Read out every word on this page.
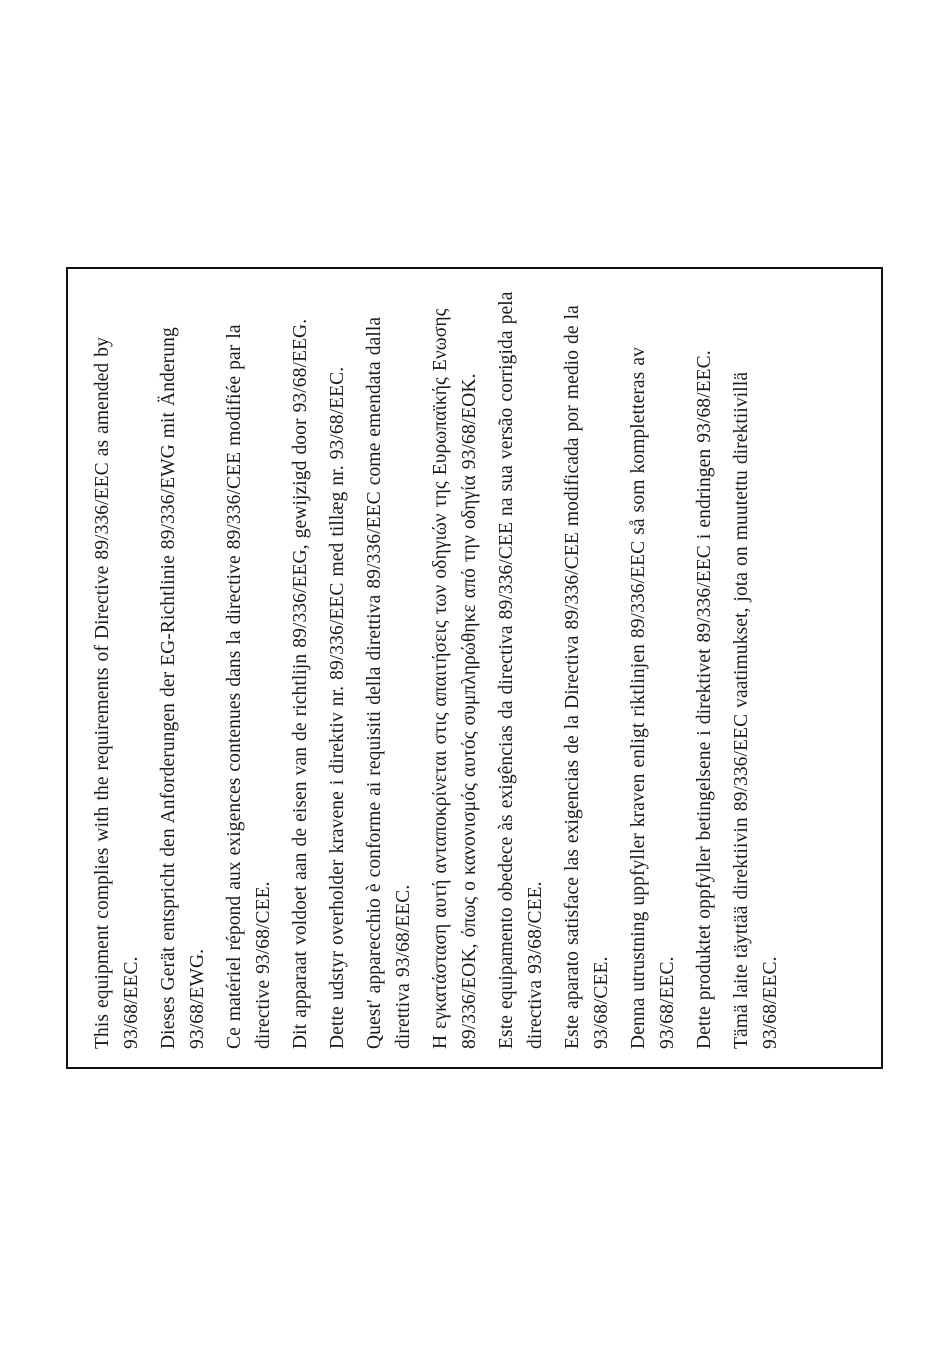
This equipment complies with the requirements of Directive 89/336/EEC as amended by 93/68/EEC. Dieses Gerät entspricht den Anforderungen der EG-Richtlinie 89/336/EWG mit Änderung 93/68/EWG. Ce matériel répond aux exigences contenues dans la directive 89/336/CEE modifiée par la directive 93/68/CEE. Dit apparaat voldoet aan de eisen van de richtlijn 89/336/EEG, gewijzigd door 93/68/EEG. Dette udstyr overholder kravene i direktiv nr. 89/336/EEC med tillæg nr. 93/68/EEC. Quest' apparecchio è conforme ai requisiti della direttiva 89/336/EEC come emendata dalla direttiva 93/68/EEC. Η εγκατάσταση αυτή ανταποκρίνεται στις απαιτήσεις των οδηγιών της Ευρωπαϊκής Ενωσης 89/336/ΕΟΚ, όπως ο κανονισμός αυτός συμπληρώθηκε από την οδηγία 93/68/ΕΟΚ. Este equipamento obedece às exigências da directiva 89/336/CEE na sua versão corrigida pela directiva 93/68/CEE. Este aparato satisface las exigencias de la Directiva 89/336/CEE modificada por medio de la 93/68/CEE. Denna utrustning uppfyller kraven enligt riktlinjen 89/336/EEC så som kompletteras av 93/68/EEC. Dette produktet oppfyller betingelsene i direktivet 89/336/EEC i endringen 93/68/EEC. Tämä laite täyttää direktiivin 89/336/EEC vaatimukset, jota on muutettu direktiivillä 93/68/EEC.
